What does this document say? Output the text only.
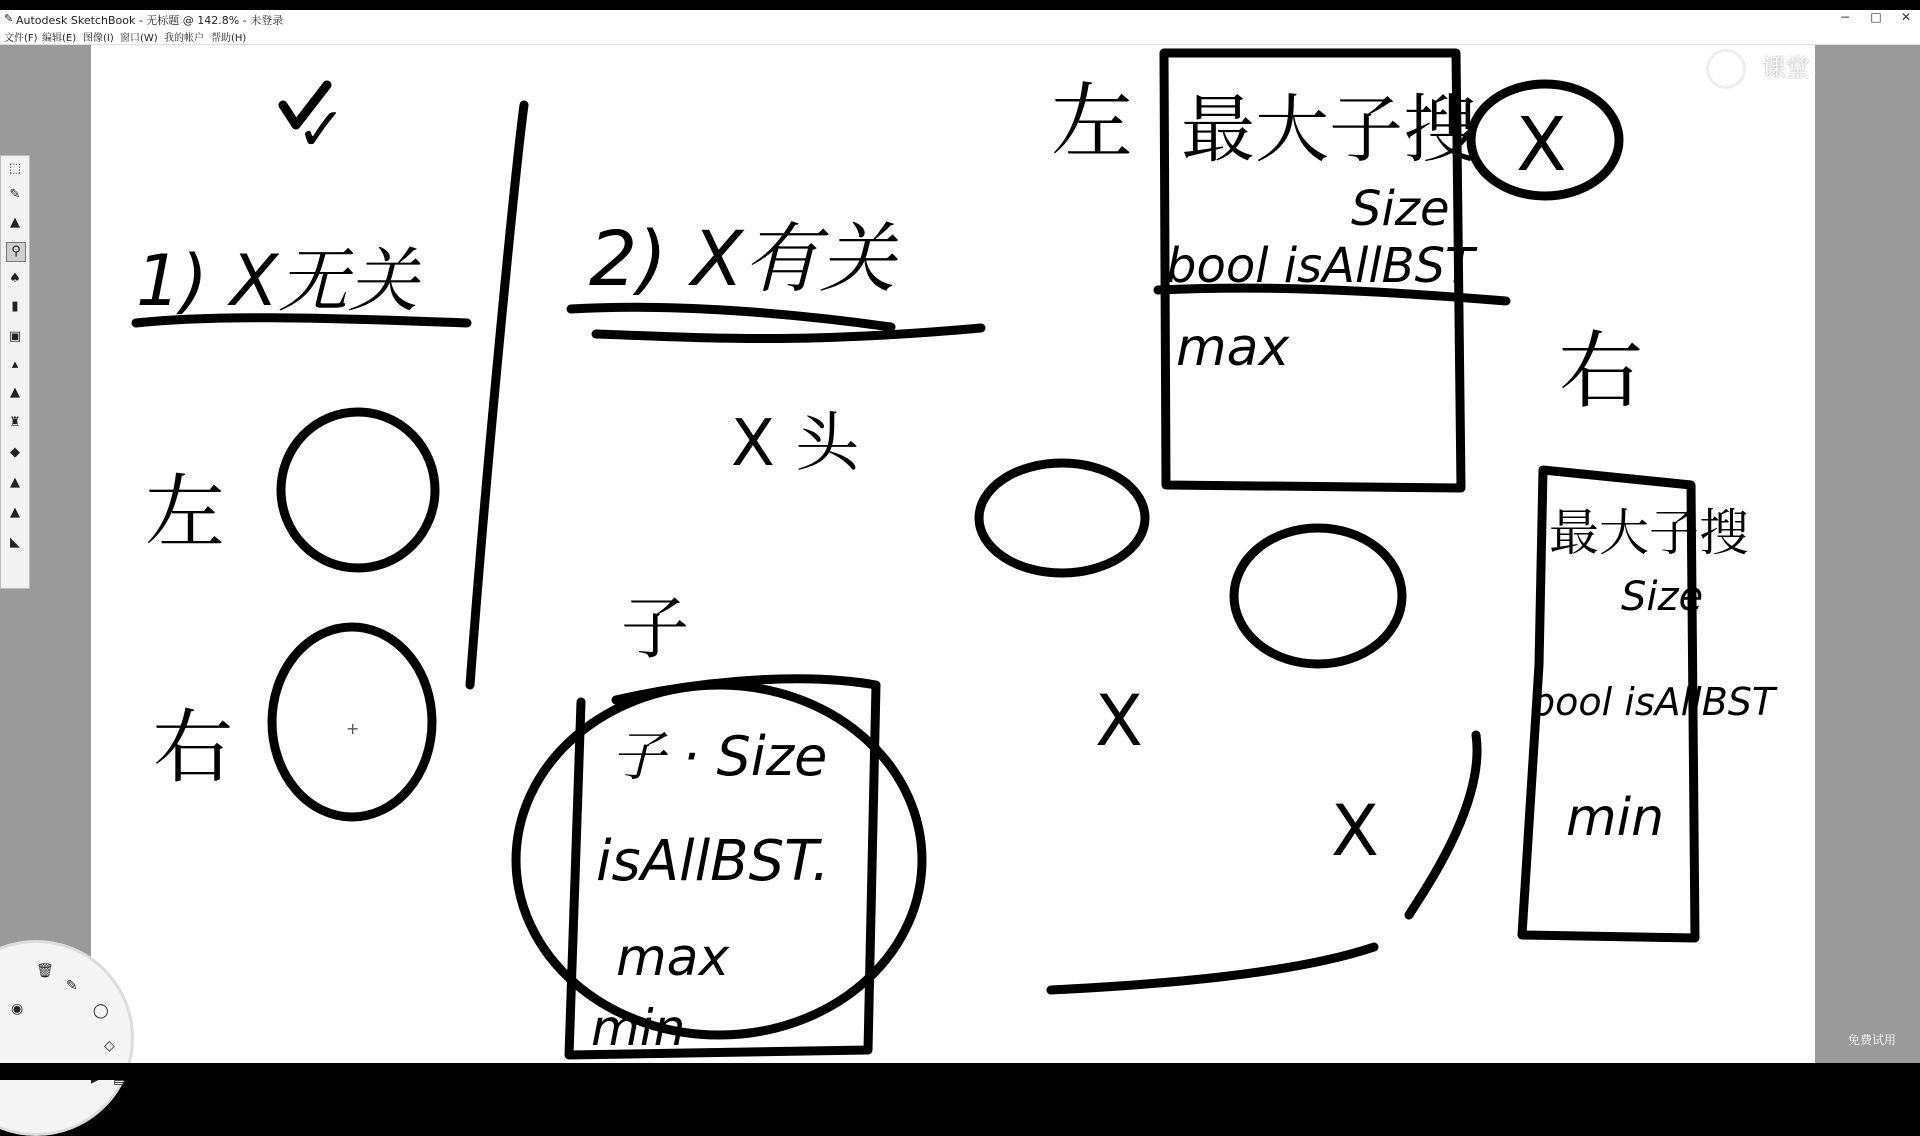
✎ Autodesk SketchBook - 无标题 @ 142.8% - 未登录	−	□	✕
文件(F) 编辑(E) 图像(I) 窗口(W) 我的帐户 帮助(H)
✓
1) X无关
左
右
2) X有关
X 头
子
子 · Size
isAllBST.
max
min
左 最大子搜
Size
bool isAllBST
max
X
右
最大子搜
Size
bool isAllBST
min
X
X
⬚
✎
▲
⚲
♠
▮
▣
▴
▲
♜
◆
▲
▲
◣
🗑
✎
◯
◉
◇
课堂
+
免费试用
